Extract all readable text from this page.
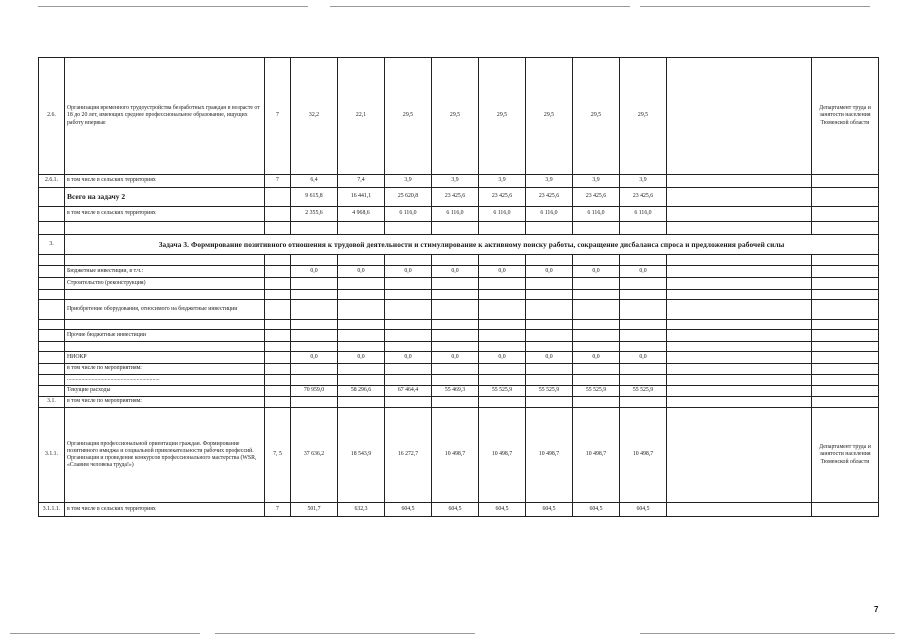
2.6.	Организация временного трудоустройства безработных граждан в возрасте от 18 до 20 лет, имеющих среднее профессиональное образование, ищущих работу впервые	7	32,2	22,1	29,5	29,5	29,5	29,5	29,5	29,5		Департамент труда и занятости населения Тюменской области
2.6.1.	в том числе в сельских территориях	7	6,4	7,4	3,9	3,9	3,9	3,9	3,9	3,9		
	Всего на задачу 2		9 615,8	16 441,1	25 620,8	23 425,6	23 425,6	23 425,6	23 425,6	23 425,6		
	в том числе в сельских территориях		2 355,6	4 968,6	6 116,0	6 116,0	6 116,0	6 116,0	6 116,0	6 116,0		

3.	Задача 3. Формирование позитивного отношения к трудовой деятельности и стимулирование к активному поиску работы, сокращение дисбаланса спроса и предложения рабочей силы											

	Бюджетные инвестиции, в т.ч.:		0,0	0,0	0,0	0,0	0,0	0,0	0,0	0,0		
	Строительство (реконструкция)											

	Приобретение оборудования, относимого на бюджетные инвестиции											

	Прочие бюджетные инвестиции											

	НИОКР		0,0	0,0	0,0	0,0	0,0	0,0	0,0	0,0		
	в том числе по мероприятиям:											
	................................................................											
	Текущие расходы		70 959,0	58 296,6	67 464,4	55 469,3	55 525,9	55 525,9	55 525,9	55 525,9		
3.1.	в том числе по мероприятиям:											
3.1.1.	Организация профессиональной ориентации граждан. Формирование позитивного имиджа и социальной привлекательности рабочих профессий. Организация и проведение конкурсов профессионального мастерства (WSR, «Славим человека труда!»)	7, 5	37 636,2	18 543,9	16 272,7	10 498,7	10 498,7	10 498,7	10 498,7	10 498,7		Департамент труда и занятости населения Тюменской области
3.1.1.1.	в том числе в сельских территориях	7	501,7	632,3	604,5	604,5	604,5	604,5	604,5	604,5		
7
